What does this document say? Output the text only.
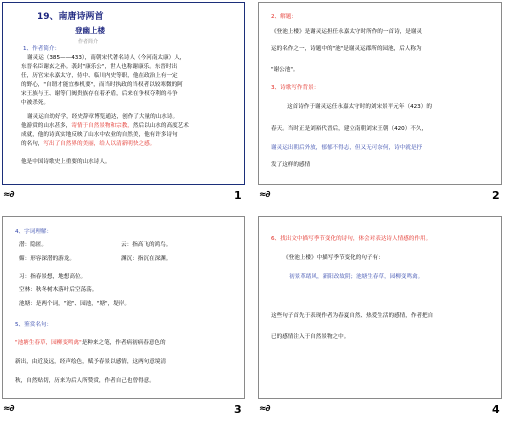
19、南唐诗两首
登幽上楼
作者简介
1、作者简介：
谢灵运（385——433），南朝宋代著名诗人（今河南太康）人，
东晋名臣谢玄之孙。袭封"康乐公"，世人也称谢康乐。东晋时出
任，历官宋永嘉太守，侍中、临川内史等职，他在政治上有一定
的野心，"自谓才能宜参机要"，而当时执政的当权者以较寒微的阿
宋王族与王、谢等门阀贵族存在着矛盾，后来在争权夺利的斗争
中被杀死。
谢灵运自幼好学，经史辞章博览通达，创作了大量的山水诗。
他游赏的山水甚多，寄情于自然景物和宗教，然后以山水的高度艺术
成就，他的诗真实地反映了山水中农业的自然美，他有许多诗句
的名句，写出了自然界的美丽，给人以清新明快之感。
他是中国诗歌史上重要的山水诗人。
≈∂	1
2、解题：
《登池上楼》是谢灵运担任永嘉太守时所作的一首诗，是谢灵
运的名作之一，诗题中的"池"是谢灵运郡所的园池，后人称为
"谢公池"。
3、诗歌写作背景：
这首诗作于谢灵运任永嘉太守时的刘宋景平元年（423）的
春天。当时正是刘裕代晋后，建立南朝刘宋王朝（420）不久，
谢灵运出朝后外放，郁郁不得志，但又无可奈何，诗中就是抒
发了这样的感情
≈∂	2
4、字词理解：
潜：隐匿。	云：指高飞的鸿鸟。
媚：形容深潜的游龙。	渊沉：指沉在深渊。
习：指春景想，地想高位。
空林：秋冬树木落叶后空荡荡。
池塘：是两个词，"池"、园池，"塘"，堤岸。
5、鉴赏名句：
"池塘生春草，园柳变鸣禽"是种来之笔，作者病初病春意色的
新出，由近及远，经声绘色，赋予春景以感情，这两句意境清
秋，自然贴切，历来为后人所赞赏，作者自己也曾得意。
≈∂	3
6、找出文中描写季节变化的诗句，体会对表达诗人情感的作用。
《登池上楼》中描写季节变化的句子有：
初景革绪风，新阳改故阴；池塘生春草，园柳变鸣禽。
这些句子首先于表现作者为春夏自然、热爱生活的感情，作者把自
已的感情注入于自然景物之中。
≈∂	4
